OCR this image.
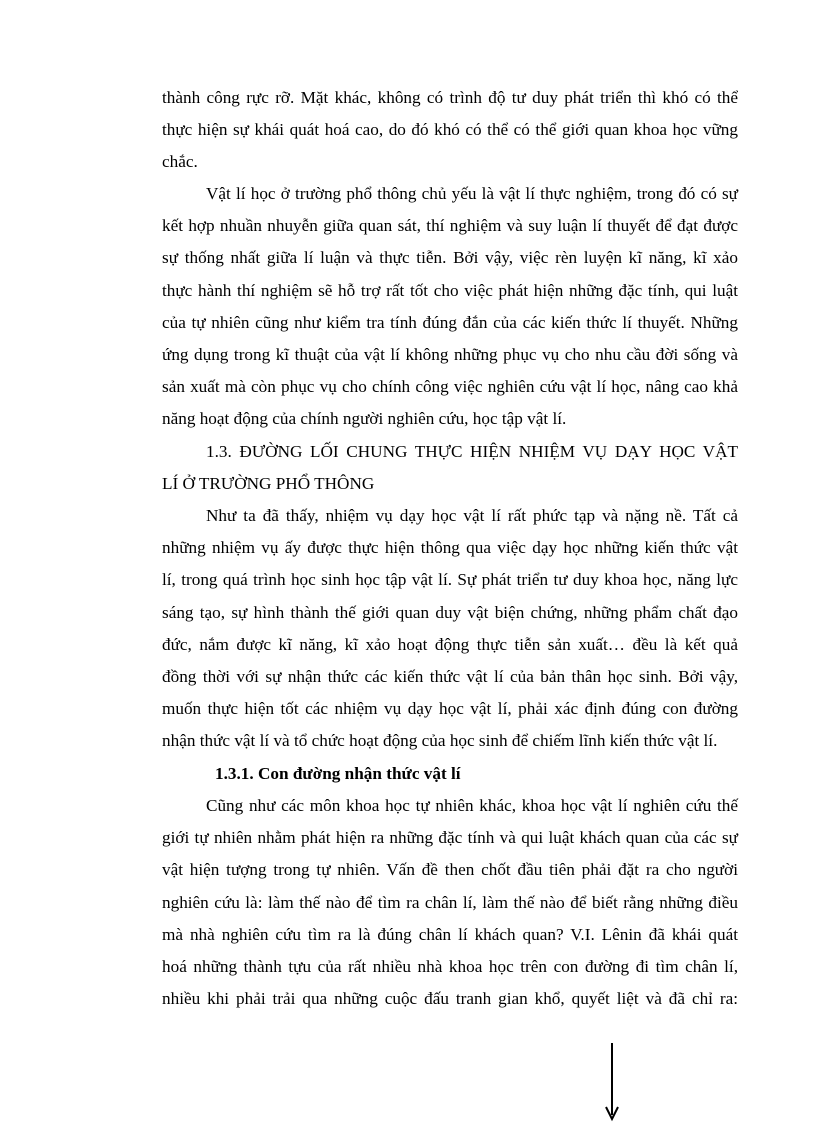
thành công rực rỡ. Mặt khác, không có trình độ tư duy phát triển thì khó có thể
thực hiện sự khái quát hoá cao, do đó khó có thể có thể giới quan khoa học vững
chắc.
Vật lí học ở trường phổ thông chủ yếu là vật lí thực nghiệm, trong đó có sự
kết hợp nhuần nhuyễn giữa quan sát, thí nghiệm và suy luận lí thuyết để đạt được
sự thống nhất giữa lí luận và thực tiễn. Bởi vậy, việc rèn luyện kĩ năng, kĩ xảo
thực hành thí nghiệm sẽ hỗ trợ rất tốt cho việc phát hiện những đặc tính, qui luật
của tự nhiên cũng như kiểm tra tính đúng đắn của các kiến thức lí thuyết. Những
ứng dụng trong kĩ thuật của vật lí không những phục vụ cho nhu cầu đời sống và
sản xuất mà còn phục vụ cho chính công việc nghiên cứu vật lí học, nâng cao khả
năng hoạt động của chính người nghiên cứu, học tập vật lí.
1.3. ĐƯỜNG LỐI CHUNG THỰC HIỆN NHIỆM VỤ DẠY HỌC VẬT
LÍ Ở TRƯỜNG PHỔ THÔNG
Như ta đã thấy, nhiệm vụ dạy học vật lí rất phức tạp và nặng nề. Tất cả
những nhiệm vụ ấy được thực hiện thông qua việc dạy học những kiến thức vật
lí, trong quá trình học sinh học tập vật lí. Sự phát triển tư duy khoa học, năng lực
sáng tạo, sự hình thành thế giới quan duy vật biện chứng, những phẩm chất đạo
đức, nắm được kĩ năng, kĩ xảo hoạt động thực tiễn sản xuất… đều là kết quả
đồng thời với sự nhận thức các kiến thức vật lí của bản thân học sinh. Bởi vậy,
muốn thực hiện tốt các nhiệm vụ dạy học vật lí, phải xác định đúng con đường
nhận thức vật lí và tổ chức hoạt động của học sinh để chiếm lĩnh kiến thức vật lí.
1.3.1. Con đường nhận thức vật lí
Cũng như các môn khoa học tự nhiên khác, khoa học vật lí nghiên cứu thế
giới tự nhiên nhằm phát hiện ra những đặc tính và qui luật khách quan của các sự
vật hiện tượng trong tự nhiên. Vấn đề then chốt đầu tiên phải đặt ra cho người
nghiên cứu là: làm thế nào để tìm ra chân lí, làm thế nào để biết rằng những điều
mà nhà nghiên cứu tìm ra là đúng chân lí khách quan? V.I. Lênin đã khái quát
hoá những thành tựu của rất nhiều nhà khoa học trên con đường đi tìm chân lí,
nhiều khi phải trải qua những cuộc đấu tranh gian khổ, quyết liệt và đã chỉ ra:
